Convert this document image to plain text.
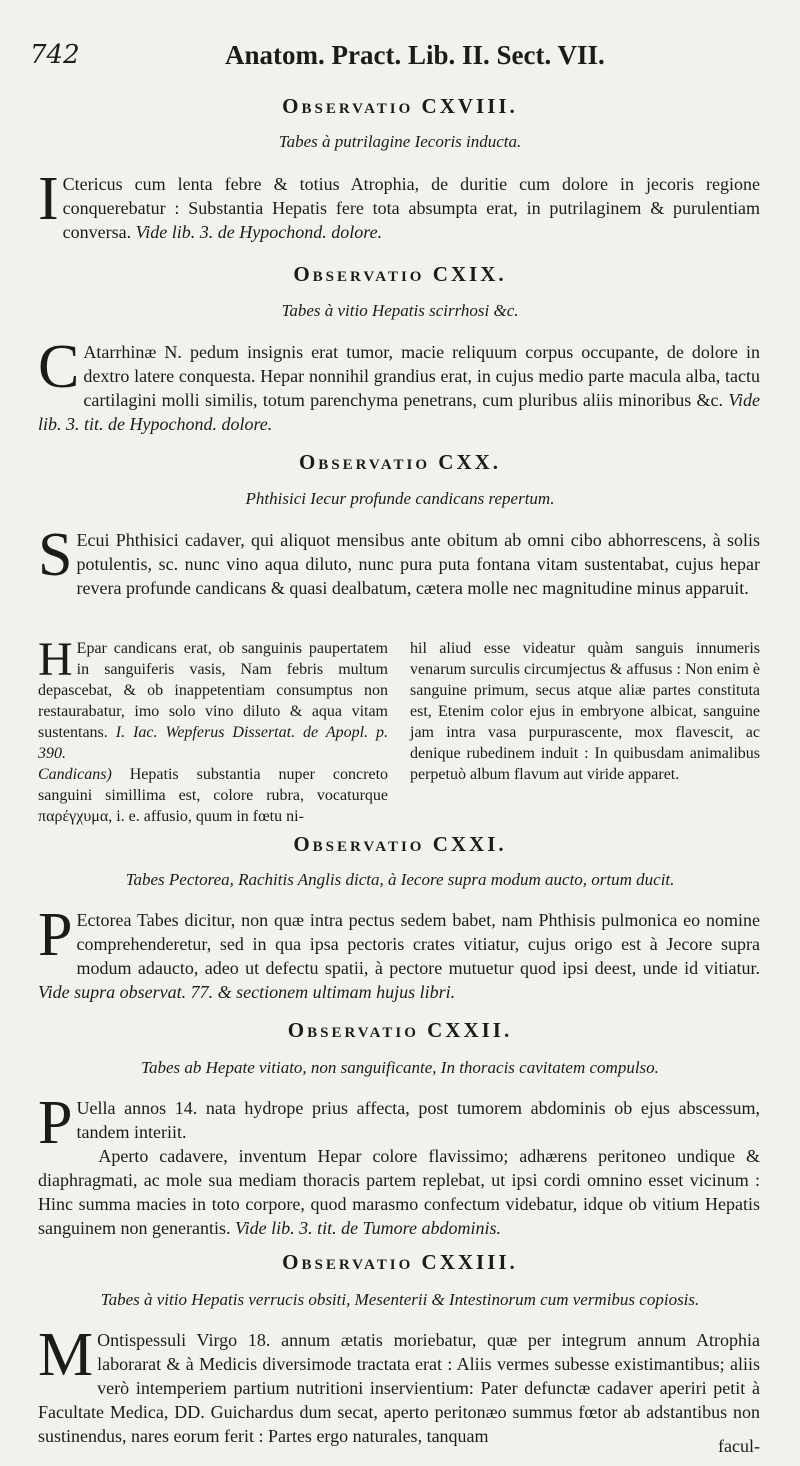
742	Anatom. Pract. Lib. II. Sect. VII.
Observatio CXVIII.
Tabes à putrilagine Iecoris inducta.
I Ctericus cum lenta febre & totius Atrophia, de duritie cum dolore in jecoris regione conquerebatur : Substantia Hepatis fere tota absumpta erat, in putrilaginem & purulentiam conversa. Vide lib. 3. de Hypochond. dolore.
Observatio CXIX.
Tabes à vitio Hepatis scirrhosi &c.
C Atarrhinæ N. pedum insignis erat tumor, macie reliquum corpus occupante, de dolore in dextro latere conquesta. Hepar nonnihil grandius erat, in cujus medio parte macula alba, tactu cartilagini molli similis, totum parenchyma penetrans, cum pluribus aliis minoribus &c. Vide lib. 3. tit. de Hypochond. dolore.
Observatio CXX.
Phthisici Iecur profunde candicans repertum.
S Ecui Phthisici cadaver, qui aliquot mensibus ante obitum ab omni cibo abhorrescens, à solis potulentis, sc. nunc vino aqua diluto, nunc pura puta fontana vitam sustentabat, cujus hepar revera profunde candicans & quasi dealbatum, cætera molle nec magnitudine minus apparuit.
H Epar candicans erat, ob sanguinis paupertatem in sanguiferis vasis, Nam febris multum depascebat, & ob inappetentiam consumptus non restaurabatur, imo solo vino diluto & aqua vitam sustentans. I. Iac. Wepferus Dissertat. de Apopl. p. 390.
Candicans) Hepatis substantia nuper concreto sanguini simillima est, colore rubra, vocaturque παρέγχυμα, i. e. affusio, quum in fœtu ni-
hil aliud esse videatur quàm sanguis innumeris venarum surculis circumjectus & affusus : Non enim è sanguine primum, secus atque aliæ partes constituta est, Etenim color ejus in embryone albicat, sanguine jam intra vasa purpurascente, mox flavescit, ac denique rubedinem induit : In quibusdam animalibus perpetuò album flavum aut viride apparet.
Observatio CXXI.
Tabes Pectorea, Rachitis Anglis dicta, à Iecore supra modum aucto, ortum ducit.
P Ectorea Tabes dicitur, non quæ intra pectus sedem babet, nam Phthisis pulmonica eo nomine comprehenderetur, sed in qua ipsa pectoris crates vitiatur, cujus origo est à Jecore supra modum adaucto, adeo ut defectu spatii, à pectore mutuetur quod ipsi deest, unde id vitiatur. Vide supra observat. 77. & sectionem ultimam hujus libri.
Observatio CXXII.
Tabes ab Hepate vitiato, non sanguificante, In thoracis cavitatem compulso.
P Uella annos 14. nata hydrope prius affecta, post tumorem abdominis ob ejus abscessum, tandem interiit.
Aperto cadavere, inventum Hepar colore flavissimo; adhærens peritoneo undique & diaphragmati, ac mole sua mediam thoracis partem replebat, ut ipsi cordi omnino esset vicinum : Hinc summa macies in toto corpore, quod marasmo confectum videbatur, idque ob vitium Hepatis sanguinem non generantis. Vide lib. 3. tit. de Tumore abdominis.
Observatio CXXIII.
Tabes à vitio Hepatis verrucis obsiti, Mesenterii & Intestinorum cum vermibus copiosis.
M Ontispessuli Virgo 18. annum ætatis moriebatur, quæ per integrum annum Atrophia laborarat & à Medicis diversimode tractata erat : Aliis vermes subesse existimantibus; aliis verò intemperiem partium nutritioni inservientium: Pater defunctæ cadaver aperiri petit à Facultate Medica, DD. Guichardus dum secat, aperto peritonæo summus fœtor ab adstantibus non sustinendus, nares eorum ferit : Partes ergo naturales, tanquam	facul-
